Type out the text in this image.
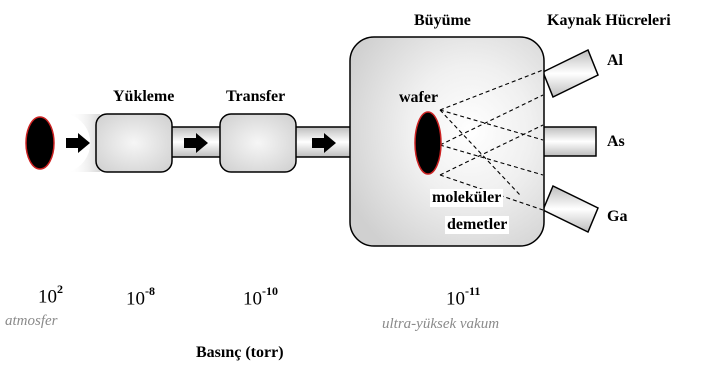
Büyüme	Kaynak Hücreleri
Yükleme	Transfer	wafer
moleküler
demetler
Al
As
Ga
$10^2$
atmosfer
$10^{-8}$	$10^{-10}$	$10^{-11}$
ultra-yüksek vakum
Basınç (torr)
